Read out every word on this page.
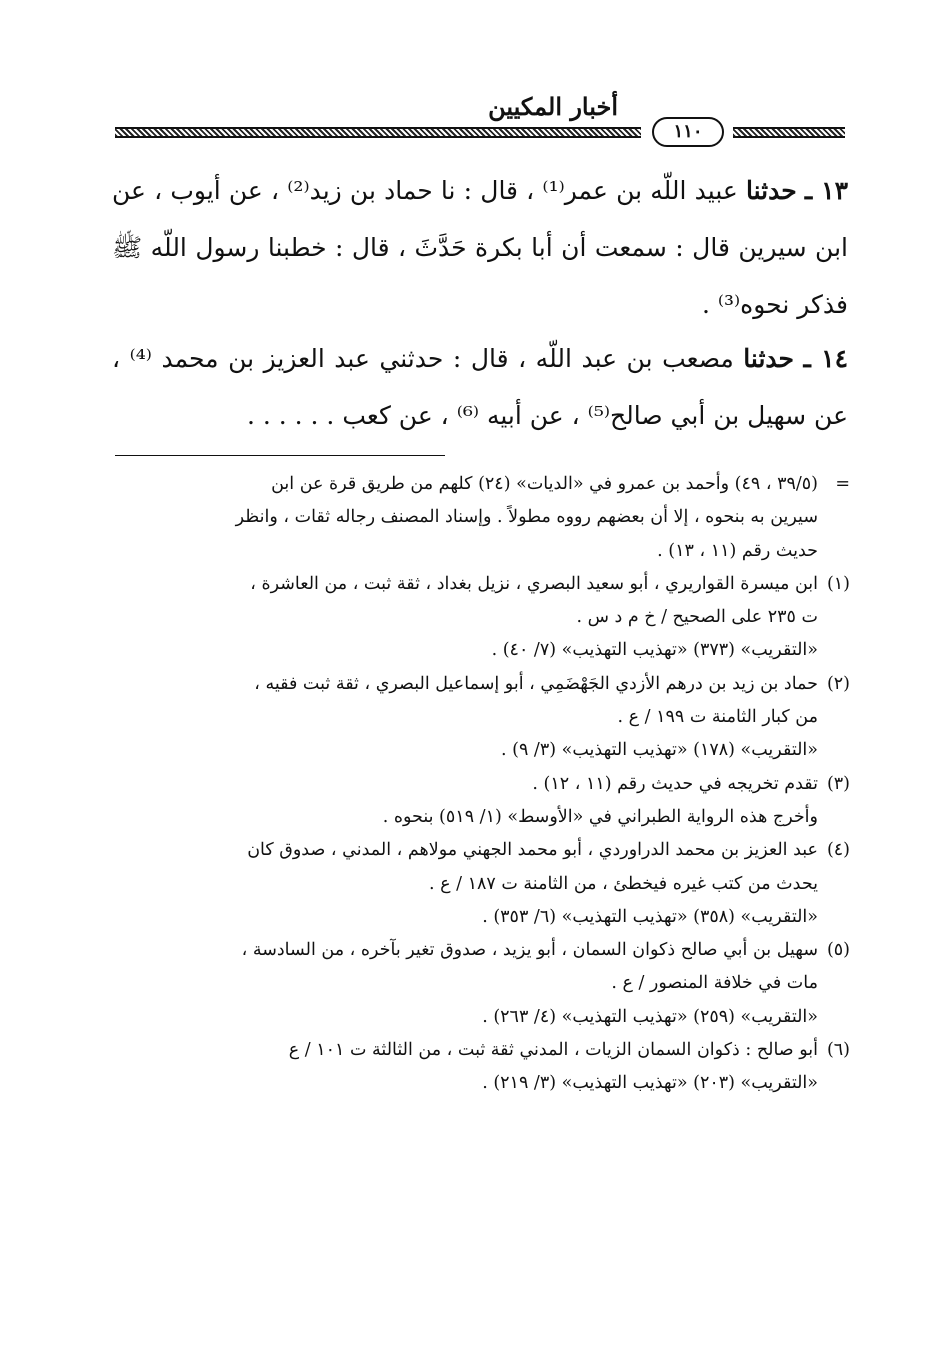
أخبار المكيين
١١٠
١٣ ـ حدثنا عبيد اللّه بن عمر⁽¹⁾ ، قال : نا حماد بن زيد⁽²⁾ ، عن أيوب ، عن ابن سيرين قال : سمعت أن أبا بكرة حَدَّثَ ، قال : خطبنا رسول اللّه ﷺ فذكر نحوه⁽³⁾ .
١٤ ـ حدثنا مصعب بن عبد اللّه ، قال : حدثني عبد العزيز بن محمد ⁽⁴⁾ ، عن سهيل بن أبي صالح⁽⁵⁾ ، عن أبيه ⁽⁶⁾ ، عن كعب . . . . . .
=(٣٩/٥ ، ٤٩) وأحمد بن عمرو في «الديات» (٢٤) كلهم من طريق قرة عن ابن
سيرين به بنحوه ، إلا أن بعضهم رووه مطولاً . وإسناد المصنف رجاله ثقات ، وانظر
حديث رقم (١١ ، ١٣) .
(١)ابن ميسرة القواريري ، أبو سعيد البصري ، نزيل بغداد ، ثقة ثبت ، من العاشرة ،
ت ٢٣٥ على الصحيح / خ م د س .
«التقريب» (٣٧٣) «تهذيب التهذيب» (٧/ ٤٠) .
(٢)حماد بن زيد بن درهم الأزدي الجَهْضَمِي ، أبو إسماعيل البصري ، ثقة ثبت فقيه ،
من كبار الثامنة ت ١٩٩ / ع .
«التقريب» (١٧٨) «تهذيب التهذيب» (٣/ ٩) .
(٣)تقدم تخريجه في حديث رقم (١١ ، ١٢) .
وأخرج هذه الرواية الطبراني في «الأوسط» (١/ ٥١٩) بنحوه .
(٤)عبد العزيز بن محمد الدراوردي ، أبو محمد الجهني مولاهم ، المدني ، صدوق كان
يحدث من كتب غيره فيخطئ ، من الثامنة ت ١٨٧ / ع .
«التقريب» (٣٥٨) «تهذيب التهذيب» (٦/ ٣٥٣) .
(٥)سهيل بن أبي صالح ذكوان السمان ، أبو يزيد ، صدوق تغير بآخره ، من السادسة ،
مات في خلافة المنصور / ع .
«التقريب» (٢٥٩) «تهذيب التهذيب» (٤/ ٢٦٣) .
(٦)أبو صالح : ذكوان السمان الزيات ، المدني ثقة ثبت ، من الثالثة ت ١٠١ / ع
«التقريب» (٢٠٣) «تهذيب التهذيب» (٣/ ٢١٩) .
